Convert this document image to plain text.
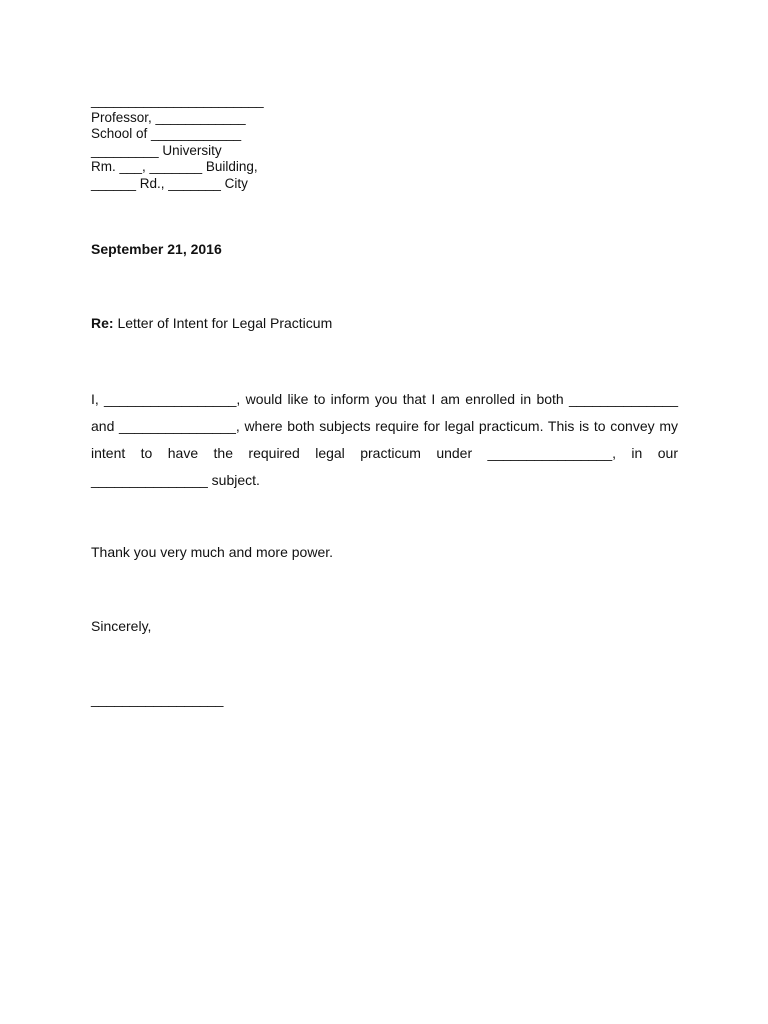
_______________________
Professor, ____________
School of ____________
_________ University
Rm. ___, _______ Building,
______ Rd., _______ City
September 21, 2016
Re: Letter of Intent for Legal Practicum
I, _________________, would like to inform you that I am enrolled in both ______________ and _______________, where both subjects require for legal practicum. This is to convey my intent to have the required legal practicum under ________________, in our _______________ subject.
Thank you very much and more power.
Sincerely,
_________________
